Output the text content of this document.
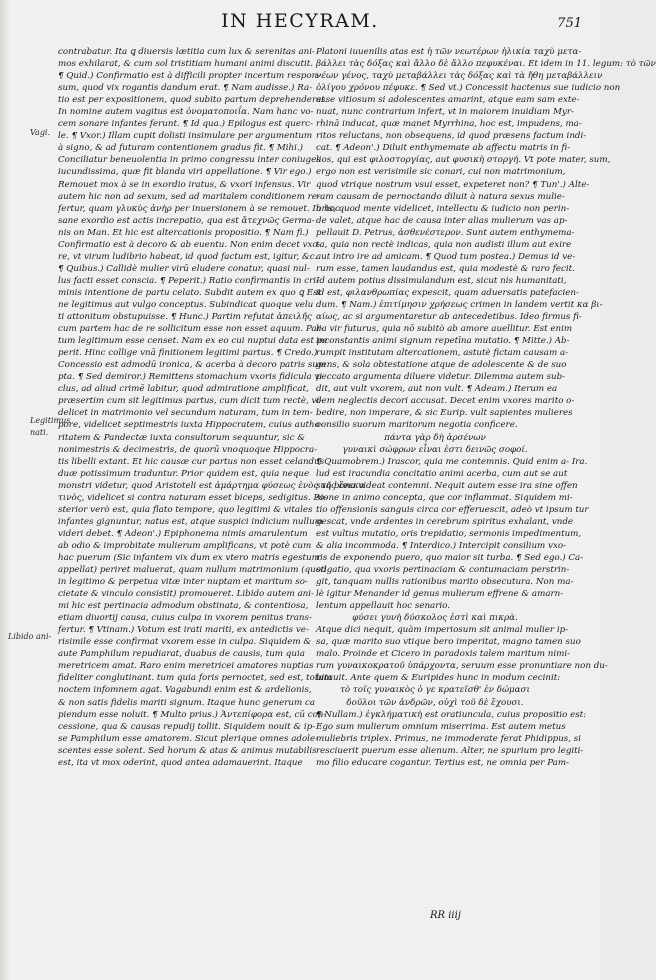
IN HECYRAM.	751
Vagi.
Legitimus
nati.
Libido ani-
contrabatur. Ita ꝗ diuersis lætitia cum lux & serenitas ani-
mos exhilarat, & cum sol tristitiam humani animi discutit.
¶ Quid.) Confirmatio est à difficili propter incertum respon-
sum, quod vix rogantis dandum erat. ¶ Nam audisse.) Ra-
tio est per expositionem, quod subito partum deprehenderat.
In nomine autem vagitus est ὀνοματοποιΐα. Nam hanc vo-
cem sonare infantes ferunt. ¶ Id qua.) Epilogus est querc-
le. ¶ Vxor.) Illam cupit dolisti insimulare per argumentum
à signo, & ad futuram contentionem gradus fit. ¶ Mihi.)
Conciliatur beneuolentia in primo congressu inter coniuges
iucundissima, quæ fit blanda viri appellatione. ¶ Vir ego.)
Remouet mox à se in exordio iratus, & vxori infensus. Vir
autem hic non ad sexum, sed ad maritalem conditionem re-
fertur, quam γλυκὺς ἀνὴρ per inuersionem à se remouet. In hoc
sane exordio est actis increpatio, qua est ἄτεχνῶς Germa-
nis on Man. Et hic est altercationis propositio. ¶ Nam fi.)
Confirmatio est à decoro & ab euentu. Non enim decet vxo-
re, vt virum ludibrio habeat, id quod factum est, igitur, &c.
¶ Quibus.) Callidè mulier virū eludere conatur, quasi nul-
lus facti esset conscia. ¶ Peperit.) Ratio confirmantis in cri-
minis intentione de partu celato. Subdit autem ex quo ꝗ Est
ne legitimus aut vulgo conceptus. Subindicat quoque velu
ti attonitum obstupuisse. ¶ Hunc.) Partim refutat ἀπειλῆς
cum partem hac de re sollicitum esse non esset aquum. Par-
tum legitimum esse censet. Nam ex eo cui nuptui data est pe
perit. Hinc collige vnā finitionem legitimi partus. ¶ Credo.)
Concessio est admodū ironica, & acerba à decoro patris sum
pta. ¶ Sed demiror.) Remittens stomachum vxoris fidicula vi
clus, ad aliud crimē labitur, quod admiratione amplificat,
præsertim cum sit legitimus partus, cum dicit tum rectè, vi-
delicet in matrimonio vel secundum naturam, tum in tem-
pore, videlicet septimestris iuxta Hippocratem, cuius autho-
ritatem & Pandectæ iuxta consultorum sequuntur, sic &
nonimestris & decimestris, de quorū vnoquoque Hippocra-
tis libelli extant. Et hic causæ cur partus non esset celandus
duæ potissimum traduntur. Prior quidem est, quia neque
monstri videtur, quod Aristoteli est ἀμάρτημα φύσεως ἑνὸς τῆς ἕνεκα
τινὸς, videlicet si contra naturam esset biceps, sedigitus. Po-
sterior verò est, quia flato tempore, quo legitimi & vitales
infantes gignuntur, natus est, atque suspici indicium nullum
videri debet. ¶ Adeon'.) Epiphonema nimis amarulentum
ab odio & improbitate mulierum amplificans, vt potè cum
hac puerum (Sic infantem vix dum ex vtero matris egestum
appellat) periret maluerat, quam nullum matrimonium (quod
in legitimo & perpetua vitæ inter nuptam et maritum so-
cietate & vinculo consistit) promoueret. Libido autem ani-
mi hic est pertinacia admodum obstinata, & contentiosa,
etiam diuortij causa, cuius culpa in vxorem penitus trans-
fertur. ¶ Vtinam.) Votum est irati mariti, ex antedictis ve-
risimile esse confirmat vxorem esse in culpa. Siquidem &
aute Pamphilum repudiarat, duabus de causis, tum quia
meretricem amat. Raro enim meretricei amatores nuptias
fideliter conglutinant. tum quia foris pernoctet, sed est, totam
noctem infomnem agat. Vagabundi enim est & ardelionis,
& non satis fidelis mariti signum. Itaque hunc generum ca
piendum esse noluit. ¶ Multo prius.) Ἀντεπίφορα est, cū con-
cessione, qua & causas repudij tollit. Siquidem nouit & ip-
se Pamphilum esse amatorem. Sicut plerique omnes adole-
scentes esse solent. Sed horum & atas & animus mutabilis
est, ita vt mox oderint, quod antea adamauerint. Itaque
Platoni iuuenilis atas est ἡ τῶν νεωτέρων ἡλικία ταχὺ μετα-
βάλλει τὰς δόξας καὶ ἄλλο δὲ ἄλλο πεφυκέναι. Et idem in 11. legum: τὸ τῶν
νέων γένος, ταχὺ μεταβάλλει τὰς δόξας καὶ τὰ ἤθη μεταβάλλειν
ὀλίγου χρόνου πέφυκε. ¶ Sed vt.) Concessit hactenus sue iudicio non
esse vitiosum si adolescentes amarint, atque eam sam exte-
nuat, nunc contrarium infert, vt in maiorem inuidiam Myr-
rhinā inducat, quæ manet Myrrhina, hoc est, impudens, ma-
ritos reluctans, non obsequens, id quod præsens factum indi-
cat. ¶ Adeon'.) Diluit enthymemate ab affectu matris in fi-
lios, qui est φιλοστοργίας, aut φυσικὴ στοργή. Vt pote mater, sum,
ergo non est verisimile sic conari, cui non matrimonium,
quod vtrique nostrum vsui esset, expeteret non? ¶ Tun'.) Alte-
ram causam de pernoctando diluit à natura sexus mulie-
bris, quod mente videlicet, intellectu & iudicio non perin-
de valet, atque hac de causa inter alias mulierum vas ap-
pellauit D. Petrus, ἀσθενέστερον. Sunt autem enthymema-
ta, quia non rectè indicas, quia non audisti illum aut exire
aut intro ire ad amicam. ¶ Quod tum postea.) Demus id ve-
rum esse, tamen laudandus est, quia modestè & raro fecit.
Id autem potius dissimulandum est, sicut nis humanitati,
id est, φιλανθρωπίας expescit, quam aduersatis patefacien-
dum. ¶ Nam.) ἐπιτίμησιν χρήσεως crimen in landem vertit κα βι-
αίως, ac si argumentaretur ab antecedetibus. Ideo firmus fi-
lia vir futurus, quia nō subitò ab amore auellitur. Est enim
inconstantis animi signum repetīna mutatio. ¶ Mitte.) Ab-
rumpit institutam altercationem, astutè fictam causam a-
gens, & sola obtestatione atque de adolescente & de suo
peccato argumenta diluere videtur. Dilemma autem sub-
dit, aut vult vxorem, aut non vult. ¶ Adeam.) Iterum ea
dem neglectis decori accusat. Decet enim vxores marito o-
bedire, non imperare, & sic Eurip. vult sapientes mulieres
consilio suorum maritorum negotia conficere.
πάντα γὰρ δὴ ἀρσένων
γυναικὶ σώφρων εἶναι ἐστι δεινῶς σοφοί.
¶ Quamobrem.) Irascor, quia me contemnis. Quid enim a- Ira.
lud est iracundia concitatio animi acerba, cum aut se aut
sua bona videat contemni. Nequit autem esse ira sine offen
sione in animo concepta, que cor inflammat. Siquidem mi-
tio offensionis sanguis circa cor efferuescit, adeò vt ipsum tur
gescat, vnde ardentes in cerebrum spiritus exhalant, vnde
est vultus mutatio, oris trepidatio, sermonis impedimentum,
& alia incommoda. ¶ Interdico.) Intercipit consilium vxo-
ris de exponendo puero, quo maior sit turba. ¶ Sed ego.) Ca-
stigatio, qua vxoris pertinaciam & contumaciam perstrin-
git, tanquam nullis rationibus marito obsecutura. Non ma-
lè igitur Menander id genus mulierum effrene & amarn-
lentum appellauit hoc senario.
φύσει γυνὴ δύσκολος ἐστὶ καὶ πικρὰ.
Atque dici nequit, quàm imperiosum sit animal mulier ip-
sa, quæ marito suo vtique bero imperitat, magno tamen suo
malo. Proinde et Cicero in paradoxis talem maritum nimi-
rum γυναικοκρατοῦ ὑπάρχοντα, seruum esse pronuntiare non du-
bitauit. Ante quem & Euripides hunc in modum cecinit:
τὸ τοῖς γυναικὸς ὁ γε κρατεῖσθ' ἐν δώμασι
δοῦλοι τῶν ἀνδρῶν, οὐχὶ τοῦ δὲ ἔχουσι.
¶ Nullam.) ἐγκλήματικὴ est oratiuncula, cuius propositio est:
Ego sum mulierum omnium miserrima. Est autem metus
muliebris triplex. Primus, ne immoderate ferat Phidippus, si
resciuerit puerum esse alienum. Alter, ne spurium pro legiti-
mo filio educare cogantur. Tertius est, ne omnia per Pam-
RR iiij
